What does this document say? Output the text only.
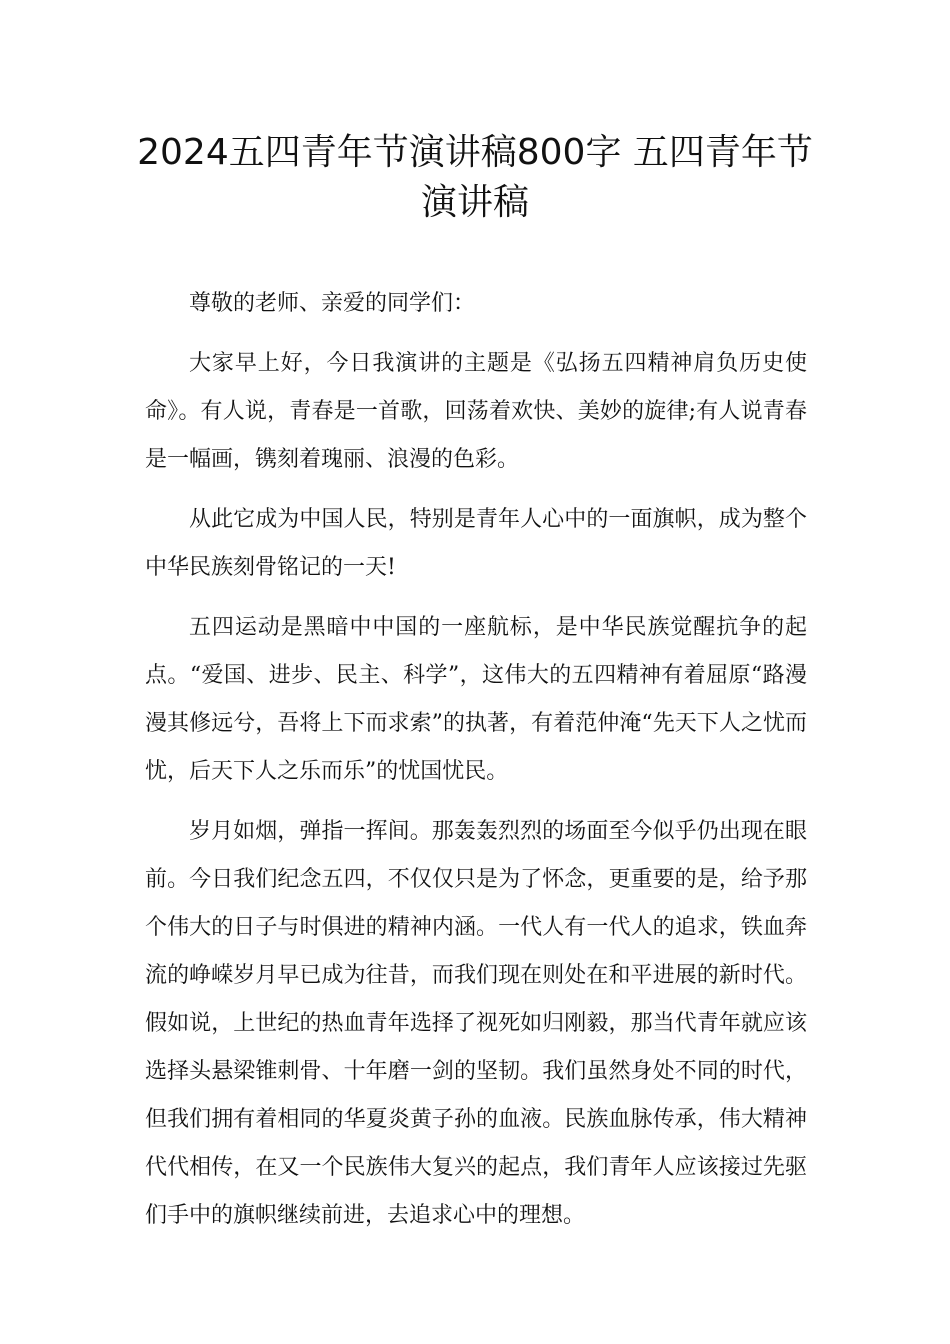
2024五四青年节演讲稿800字 五四青年节演讲稿

尊敬的老师、亲爱的同学们：

大家早上好，今日我演讲的主题是《弘扬五四精神肩负历史使命》。有人说，青春是一首歌，回荡着欢快、美妙的旋律;有人说青春是一幅画，镌刻着瑰丽、浪漫的色彩。

从此它成为中国人民，特别是青年人心中的一面旗帜，成为整个中华民族刻骨铭记的一天!

五四运动是黑暗中中国的一座航标，是中华民族觉醒抗争的起点。“爱国、进步、民主、科学”，这伟大的五四精神有着屈原“路漫漫其修远兮，吾将上下而求索”的执著，有着范仲淹“先天下人之忧而忧，后天下人之乐而乐”的忧国忧民。

岁月如烟，弹指一挥间。那轰轰烈烈的场面至今似乎仍出现在眼前。今日我们纪念五四，不仅仅只是为了怀念，更重要的是，给予那个伟大的日子与时俱进的精神内涵。一代人有一代人的追求，铁血奔流的峥嵘岁月早已成为往昔，而我们现在则处在和平进展的新时代。假如说，上世纪的热血青年选择了视死如归刚毅，那当代青年就应该选择头悬梁锥刺骨、十年磨一剑的坚韧。我们虽然身处不同的时代，但我们拥有着相同的华夏炎黄子孙的血液。民族血脉传承，伟大精神代代相传，在又一个民族伟大复兴的起点，我们青年人应该接过先驱们手中的旗帜继续前进，去追求心中的理想。
